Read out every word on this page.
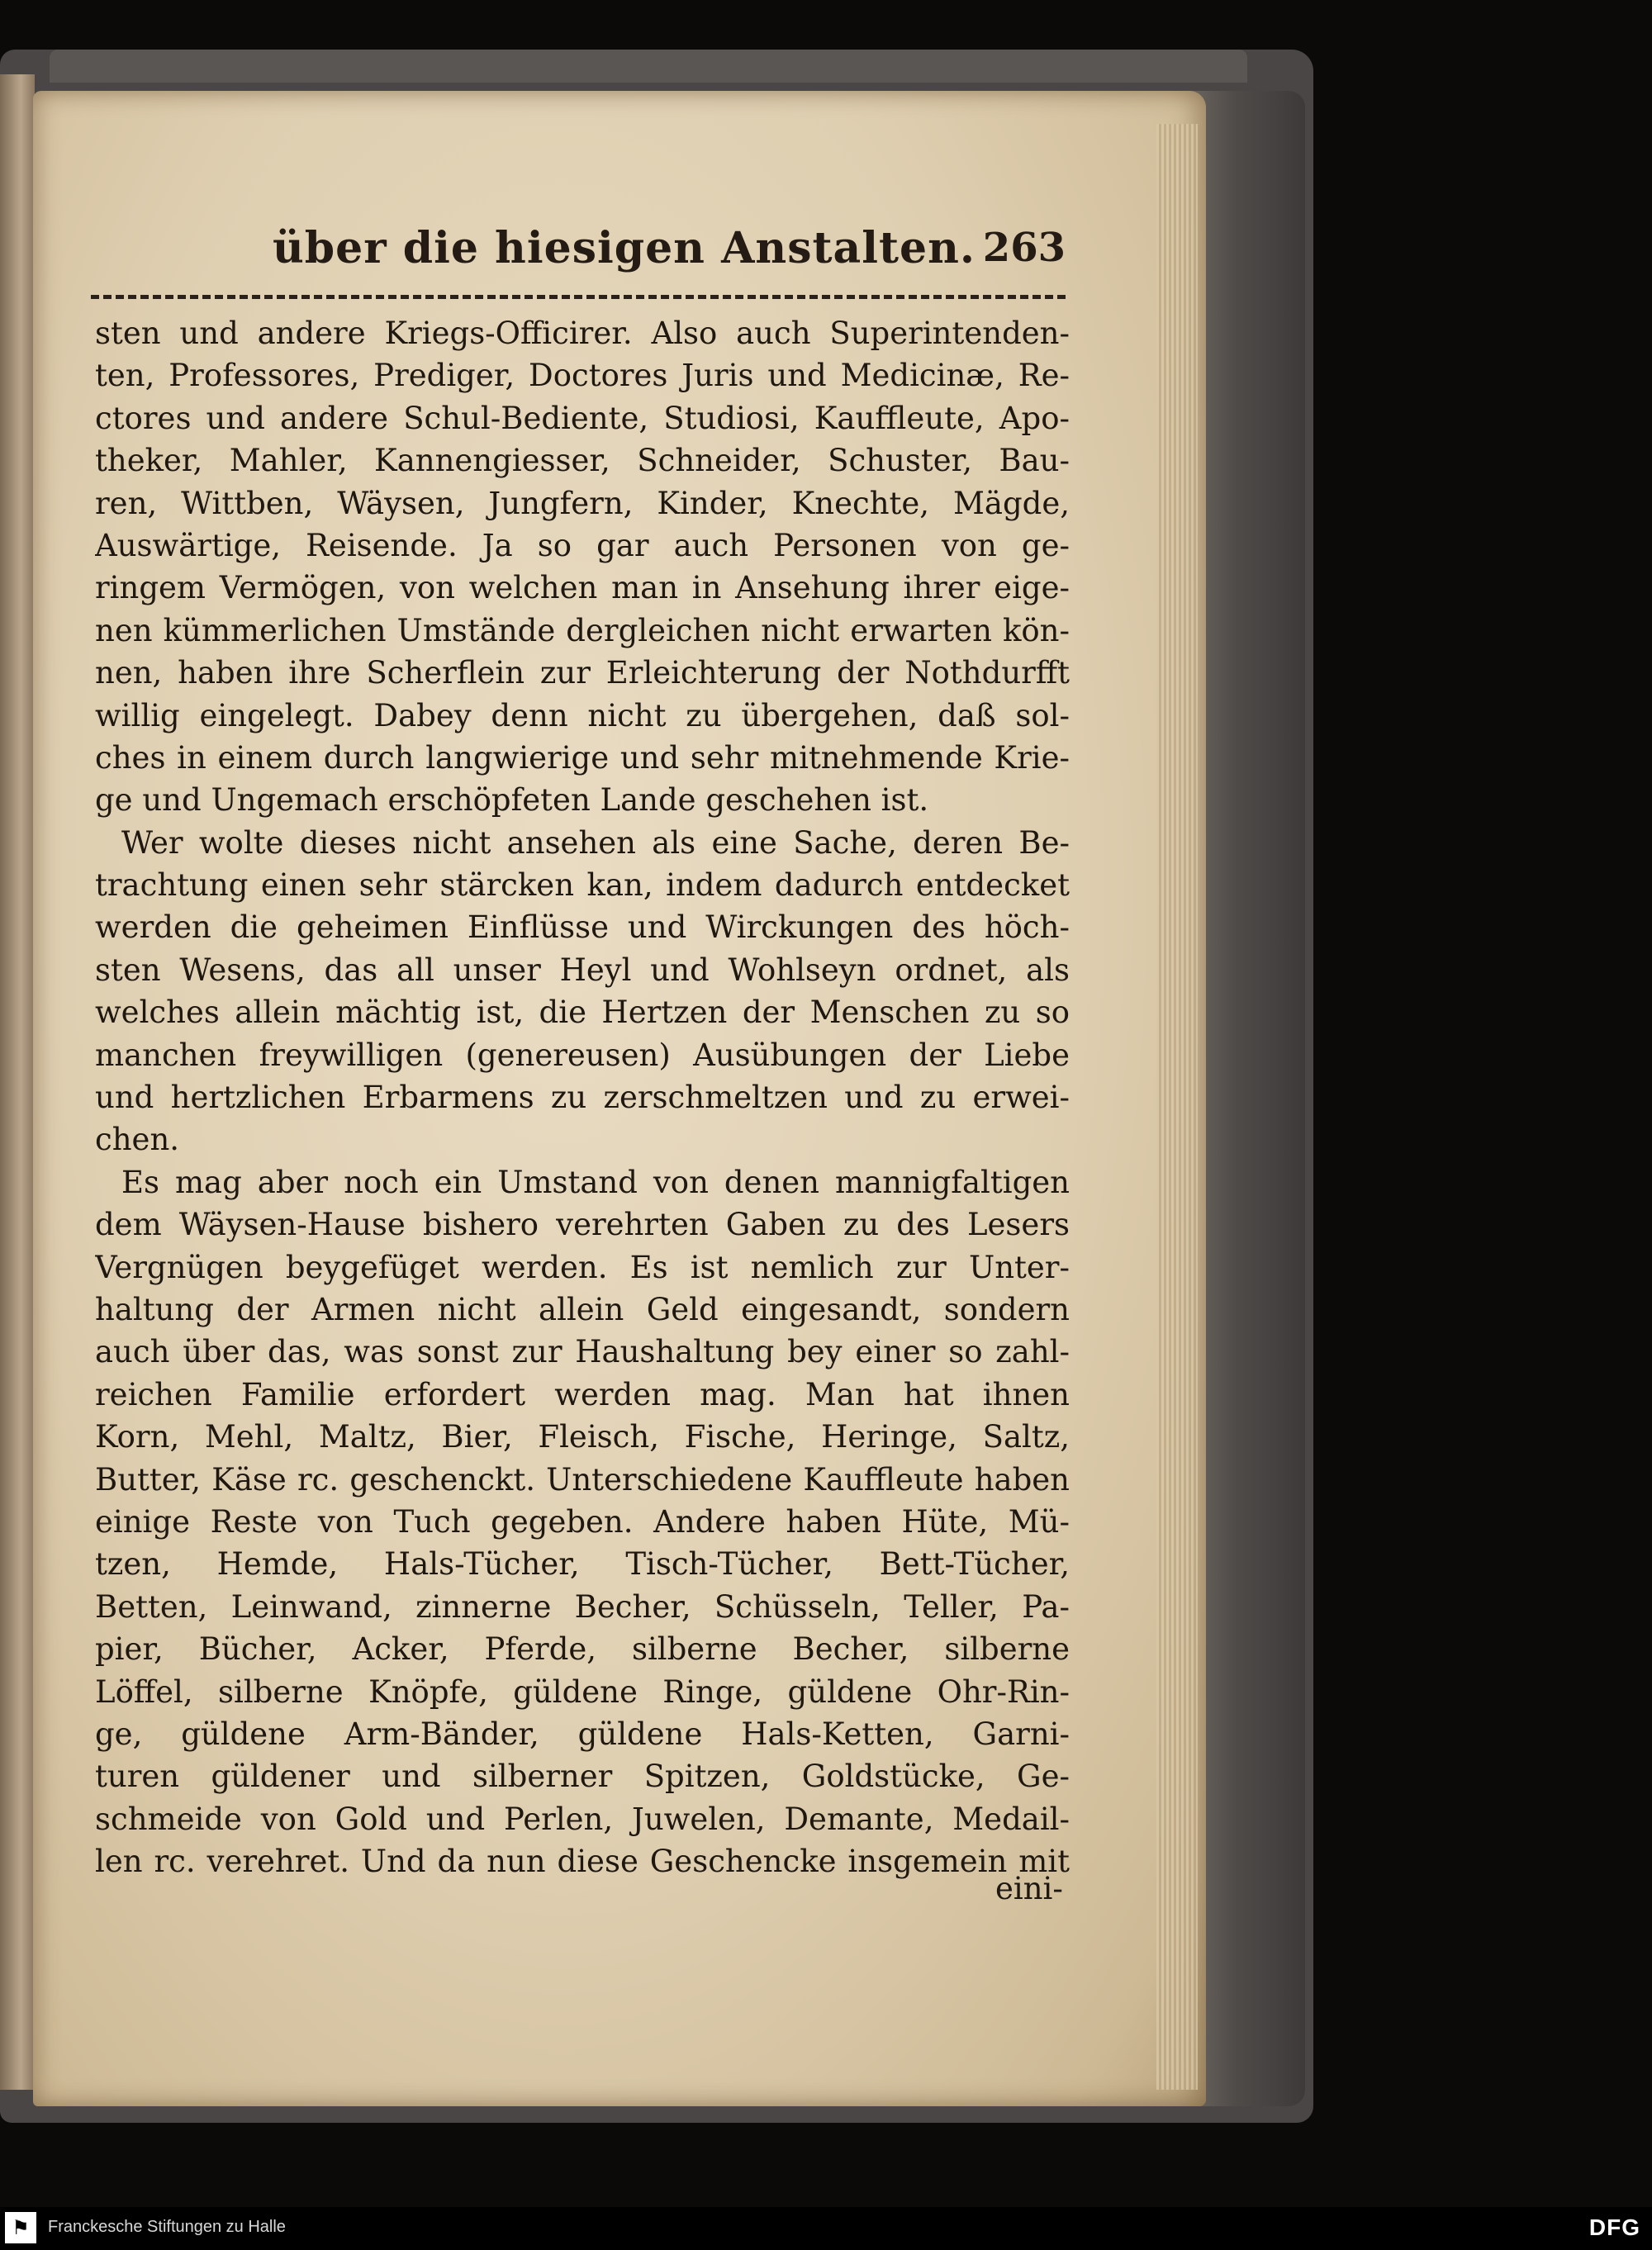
über die hiesigen Anstalten. 263
sten und andere Kriegs-Officirer. Also auch Superintenden-
ten, Professores, Prediger, Doctores Juris und Medicinæ, Re-
ctores und andere Schul-Bediente, Studiosi, Kauffleute, Apo-
theker, Mahler, Kannengiesser, Schneider, Schuster, Bau-
ren, Wittben, Wäysen, Jungfern, Kinder, Knechte, Mägde,
Auswärtige, Reisende. Ja so gar auch Personen von ge-
ringem Vermögen, von welchen man in Ansehung ihrer eige-
nen kümmerlichen Umstände dergleichen nicht erwarten kön-
nen, haben ihre Scherflein zur Erleichterung der Nothdurfft
willig eingelegt. Dabey denn nicht zu übergehen, daß sol-
ches in einem durch langwierige und sehr mitnehmende Krie-
ge und Ungemach erschöpfeten Lande geschehen ist.
Wer wolte dieses nicht ansehen als eine Sache, deren Be-
trachtung einen sehr stärcken kan, indem dadurch entdecket
werden die geheimen Einflüsse und Wirckungen des höch-
sten Wesens, das all unser Heyl und Wohlseyn ordnet, als
welches allein mächtig ist, die Hertzen der Menschen zu so
manchen freywilligen (genereusen) Ausübungen der Liebe
und hertzlichen Erbarmens zu zerschmeltzen und zu erwei-
chen.
Es mag aber noch ein Umstand von denen mannigfaltigen
dem Wäysen-Hause bishero verehrten Gaben zu des Lesers
Vergnügen beygefüget werden. Es ist nemlich zur Unter-
haltung der Armen nicht allein Geld eingesandt, sondern
auch über das, was sonst zur Haushaltung bey einer so zahl-
reichen Familie erfordert werden mag. Man hat ihnen
Korn, Mehl, Maltz, Bier, Fleisch, Fische, Heringe, Saltz,
Butter, Käse rc. geschenckt. Unterschiedene Kauffleute haben
einige Reste von Tuch gegeben. Andere haben Hüte, Mü-
tzen, Hemde, Hals-Tücher, Tisch-Tücher, Bett-Tücher,
Betten, Leinwand, zinnerne Becher, Schüsseln, Teller, Pa-
pier, Bücher, Acker, Pferde, silberne Becher, silberne
Löffel, silberne Knöpfe, güldene Ringe, güldene Ohr-Rin-
ge, güldene Arm-Bänder, güldene Hals-Ketten, Garni-
turen güldener und silberner Spitzen, Goldstücke, Ge-
schmeide von Gold und Perlen, Juwelen, Demante, Medail-
len rc. verehret. Und da nun diese Geschencke insgemein mit
eini-
⚑	Franckesche Stiftungen zu Halle	DFG
